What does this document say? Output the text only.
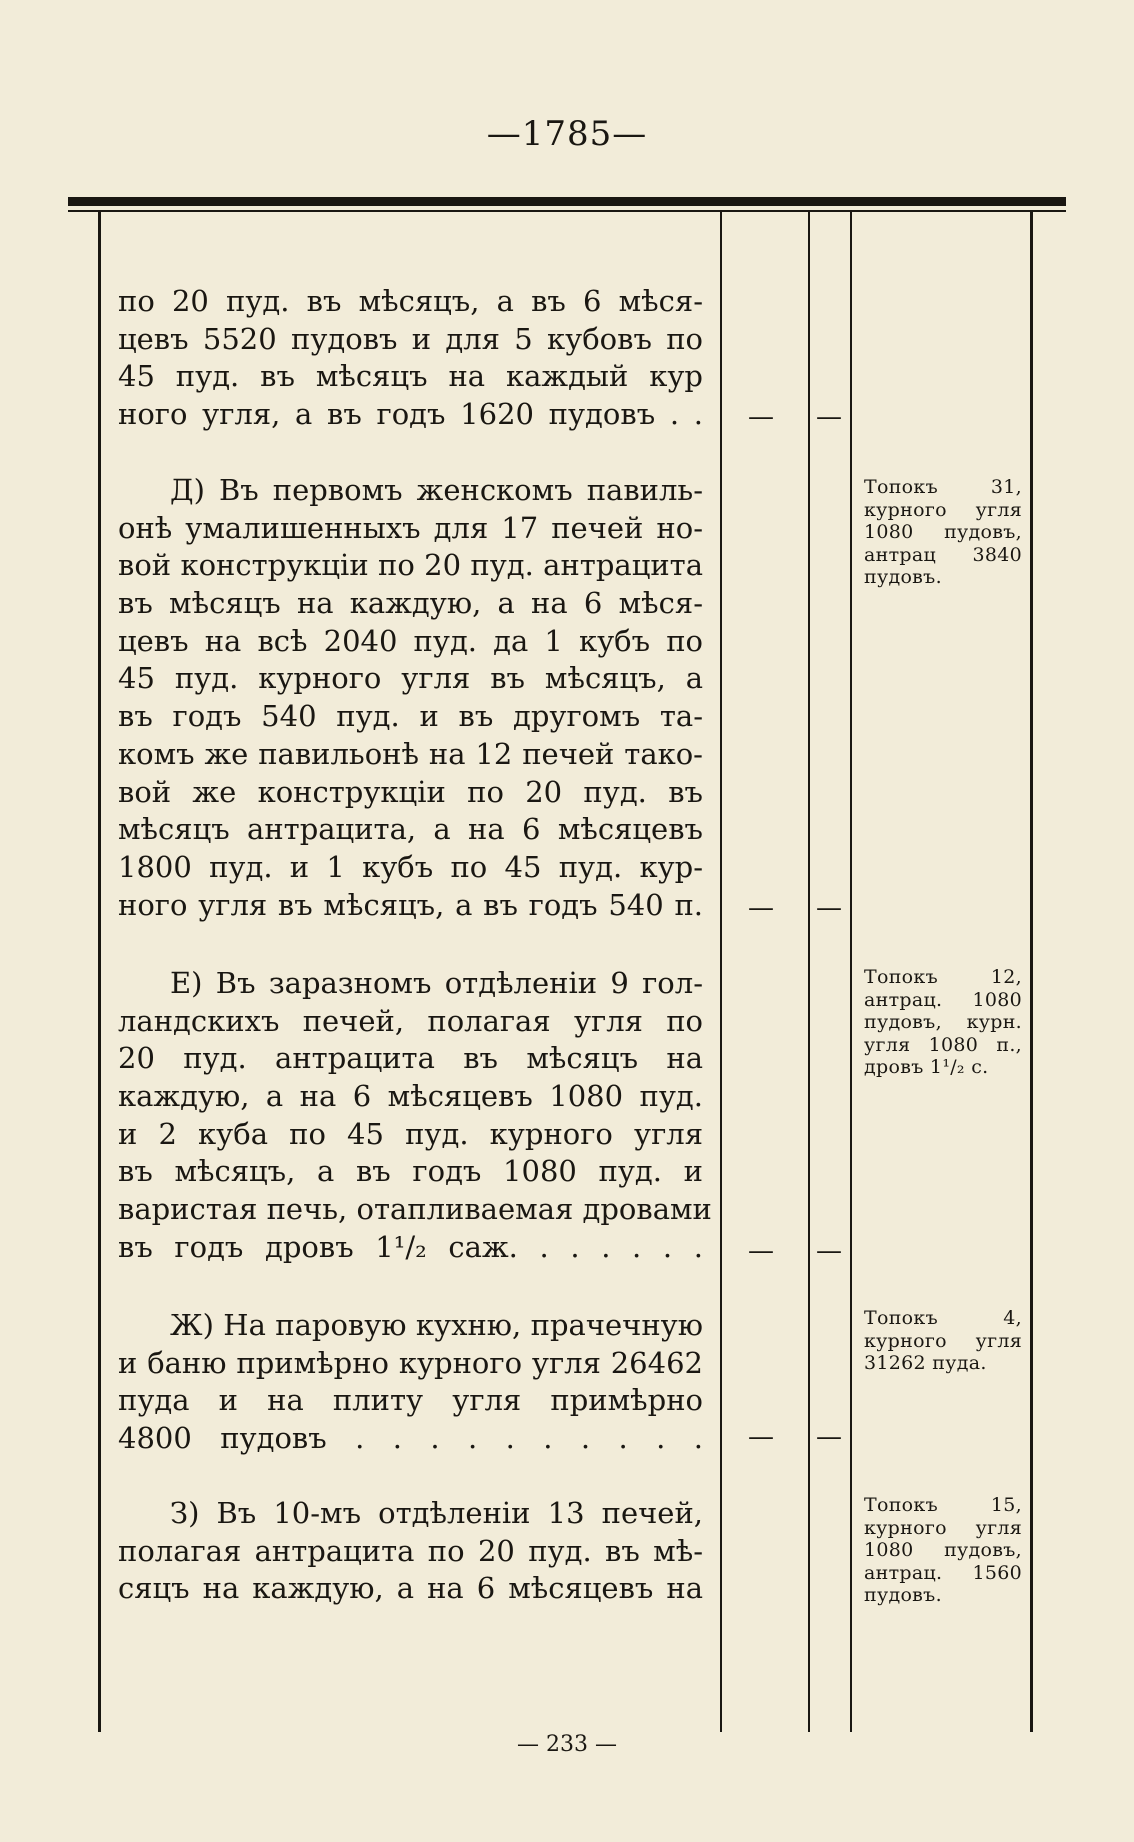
—1785—
по 20 пуд. въ мѣсяцъ, а въ 6 мѣся-
цевъ 5520 пудовъ и для 5 кубовъ по
45 пуд. въ мѣсяцъ на каждый кур
ного угля, а въ годъ 1620 пудовъ . . — —
Д) Въ первомъ женскомъ павиль-
онѣ умалишенныхъ для 17 печей но-
вой конструкціи по 20 пуд. антрацита
въ мѣсяцъ на каждую, а на 6 мѣся-
цевъ на всѣ 2040 пуд. да 1 кубъ по
45 пуд. курного угля въ мѣсяцъ, а
въ годъ 540 пуд. и въ другомъ та-
комъ же павильонѣ на 12 печей тако-
вой же конструкціи по 20 пуд. въ
мѣсяцъ антрацита, а на 6 мѣсяцевъ
1800 пуд. и 1 кубъ по 45 пуд. кур-
ного угля въ мѣсяцъ, а въ годъ 540 п. — —
Топокъ 31,
курного угля
1080 пудовъ,
антрац 3840
пудовъ.
Е) Въ заразномъ отдѣленіи 9 гол-
ландскихъ печей, полагая угля по
20 пуд. антрацита въ мѣсяцъ на
каждую, а на 6 мѣсяцевъ 1080 пуд.
и 2 куба по 45 пуд. курного угля
въ мѣсяцъ, а въ годъ 1080 пуд. и
варистая печь, отапливаемая дровами
въ годъ дровъ 1¹/₂ саж. . . . . . . — —
Топокъ 12,
антрац. 1080
пудовъ, курн.
угля 1080 п.,
дровъ 1¹/₂ с.
Ж) На паровую кухню, прачечную
и баню примѣрно курного угля 26462
пуда и на плиту угля примѣрно
4800 пудовъ . . . . . . . . . . — —
Топокъ 4,
курного угля
31262 пуда.
З) Въ 10-мъ отдѣленіи 13 печей,
полагая антрацита по 20 пуд. въ мѣ-
сяцъ на каждую, а на 6 мѣсяцевъ на
Топокъ 15,
курного угля
1080 пудовъ,
антрац. 1560
пудовъ.
— 233 —
